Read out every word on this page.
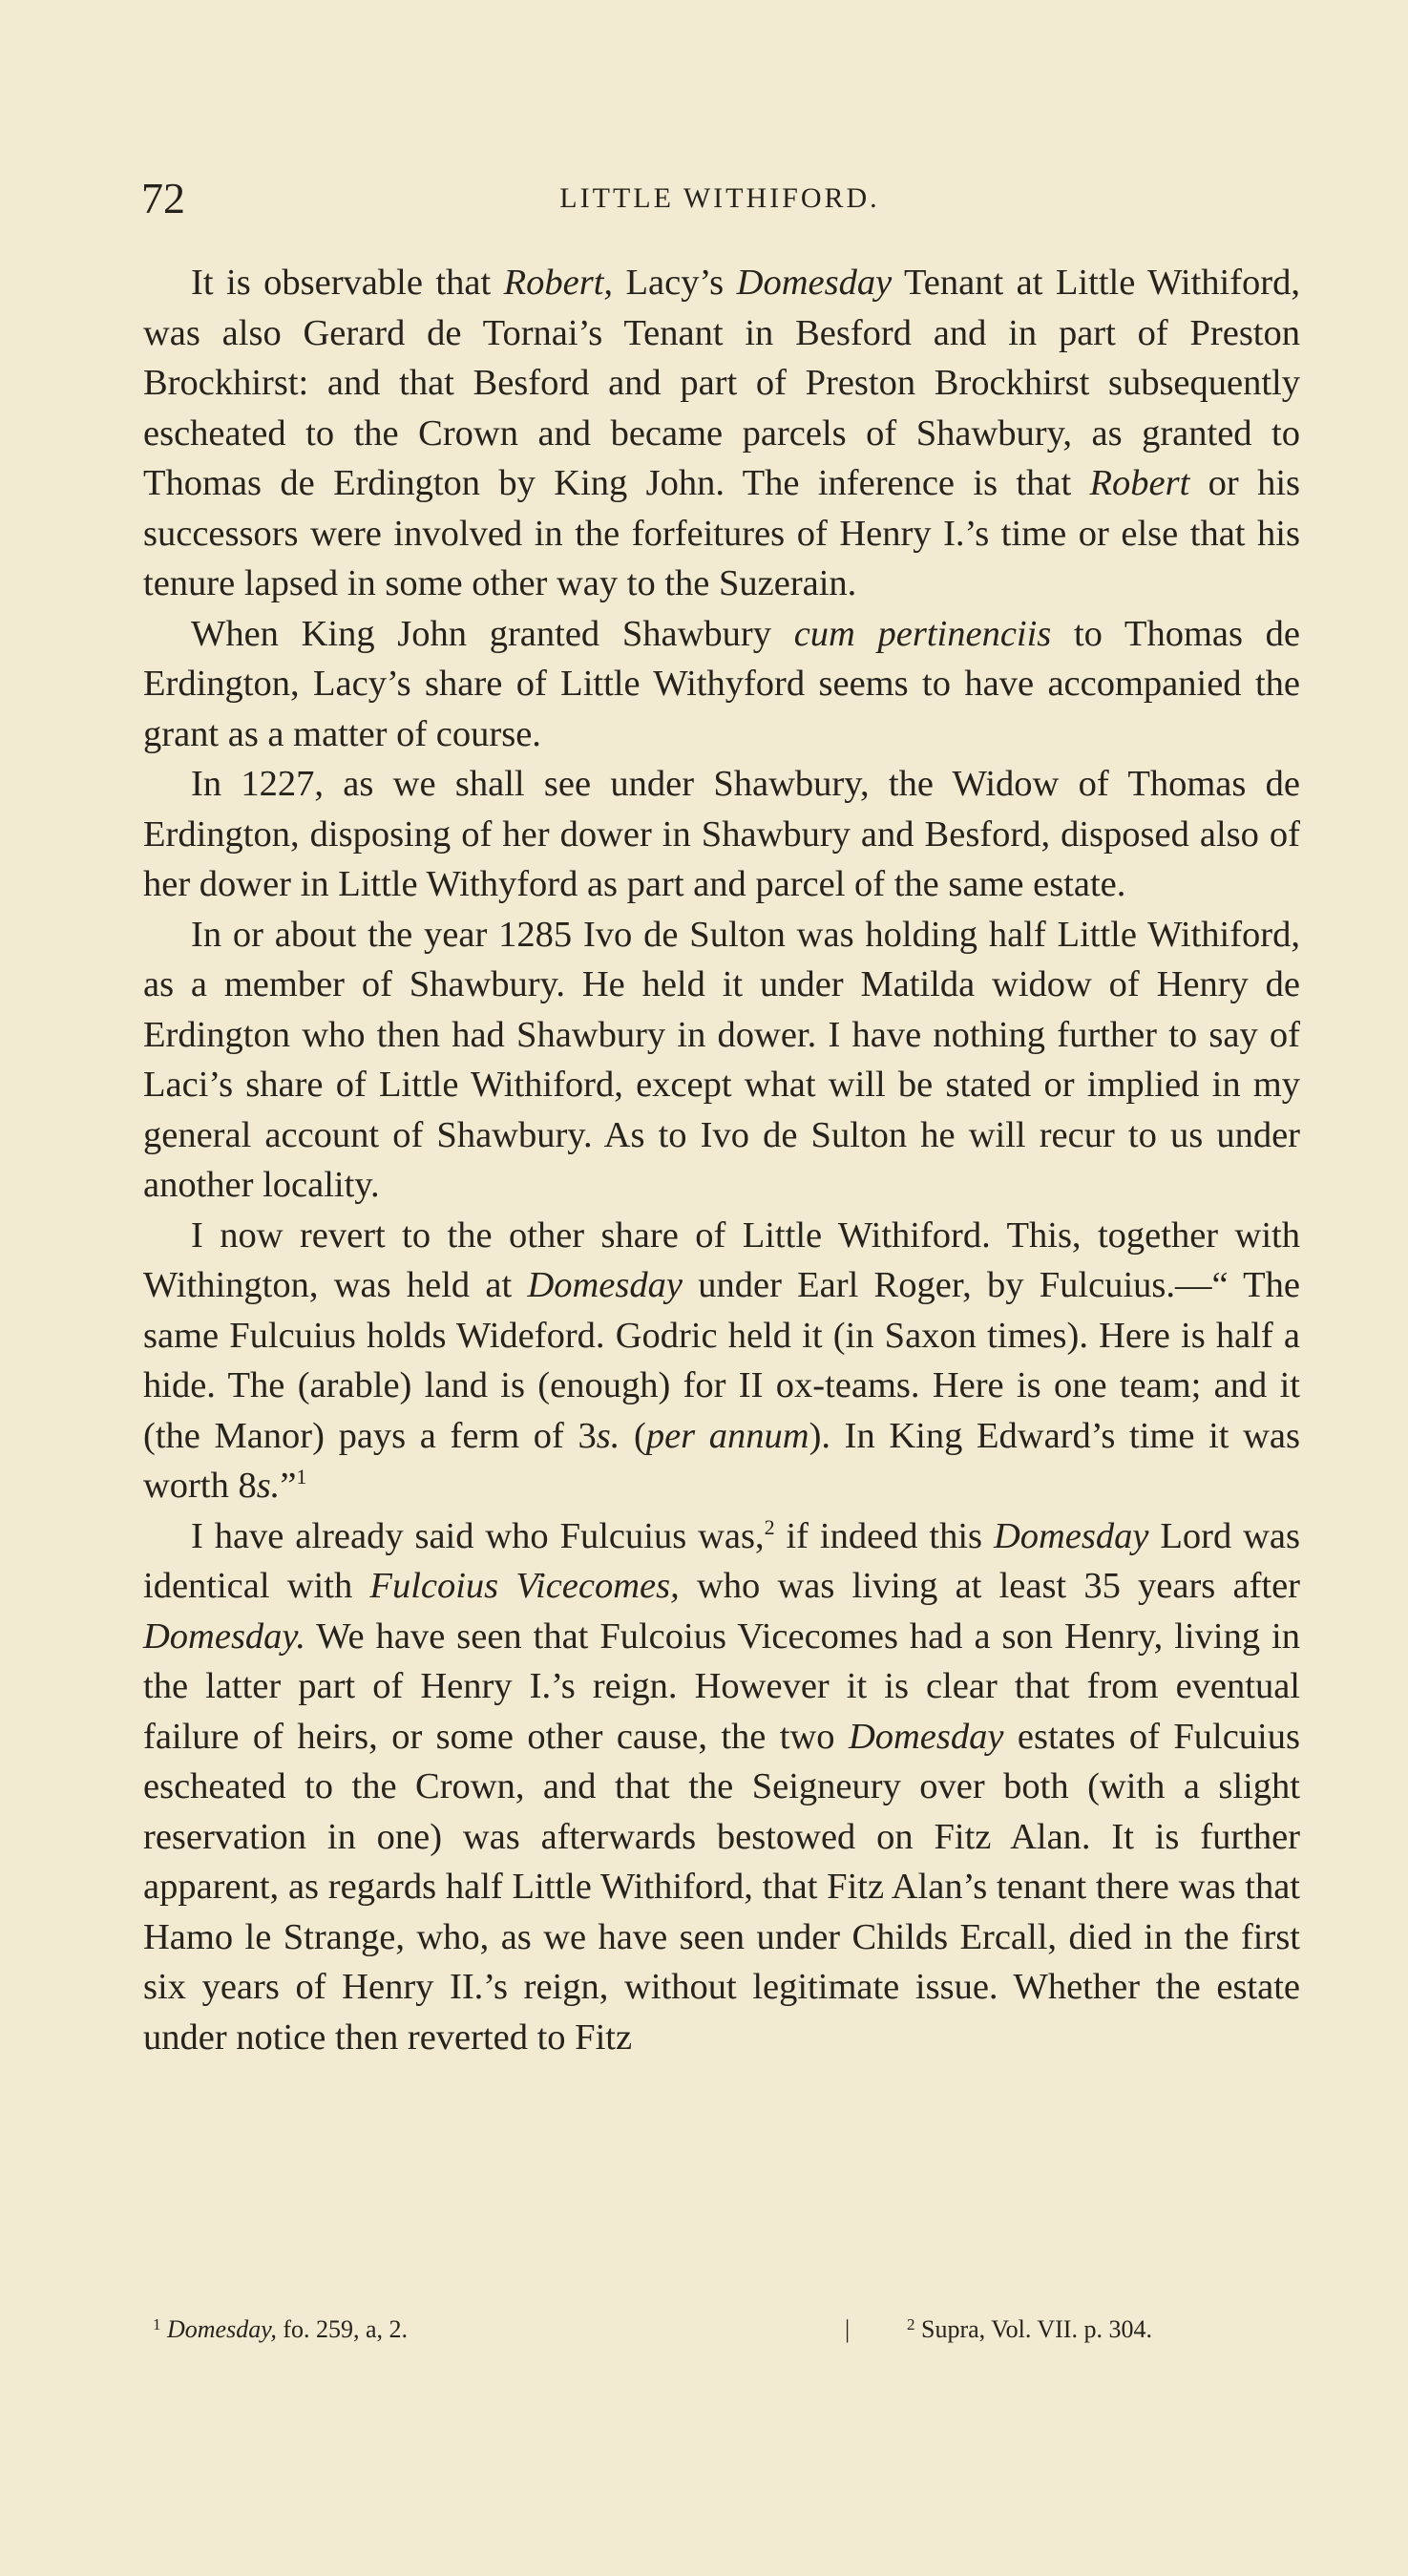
72	LITTLE WITHIFORD.

It is observable that Robert, Lacy’s Domesday Tenant at Little Withiford, was also Gerard de Tornai’s Tenant in Besford and in part of Preston Brockhirst: and that Besford and part of Preston Brockhirst subsequently escheated to the Crown and became parcels of Shawbury, as granted to Thomas de Erdington by King John. The inference is that Robert or his successors were involved in the forfeitures of Henry I.’s time or else that his tenure lapsed in some other way to the Suzerain.

When King John granted Shawbury cum pertinenciis to Thomas de Erdington, Lacy’s share of Little Withyford seems to have accompanied the grant as a matter of course.

In 1227, as we shall see under Shawbury, the Widow of Thomas de Erdington, disposing of her dower in Shawbury and Besford, disposed also of her dower in Little Withyford as part and parcel of the same estate.

In or about the year 1285 Ivo de Sulton was holding half Little Withiford, as a member of Shawbury. He held it under Matilda widow of Henry de Erdington who then had Shawbury in dower. I have nothing further to say of Laci’s share of Little Withiford, except what will be stated or implied in my general account of Shawbury. As to Ivo de Sulton he will recur to us under another locality.

I now revert to the other share of Little Withiford. This, together with Withington, was held at Domesday under Earl Roger, by Fulcuius.—“ The same Fulcuius holds Wideford. Godric held it (in Saxon times). Here is half a hide. The (arable) land is (enough) for II ox-teams. Here is one team; and it (the Manor) pays a ferm of 3s. (per annum). In King Edward’s time it was worth 8s.”$^1$

I have already said who Fulcuius was,$^2$ if indeed this Domesday Lord was identical with Fulcoius Vicecomes, who was living at least 35 years after Domesday. We have seen that Fulcoius Vicecomes had a son Henry, living in the latter part of Henry I.’s reign. However it is clear that from eventual failure of heirs, or some other cause, the two Domesday estates of Fulcuius escheated to the Crown, and that the Seigneury over both (with a slight reservation in one) was afterwards bestowed on Fitz Alan. It is further apparent, as regards half Little Withiford, that Fitz Alan’s tenant there was that Hamo le Strange, who, as we have seen under Childs Ercall, died in the first six years of Henry II.’s reign, without legitimate issue. Whether the estate under notice then reverted to Fitz

$^1$ Domesday, fo. 259, a, 2.	|	$^2$ Supra, Vol. VII. p. 304.
